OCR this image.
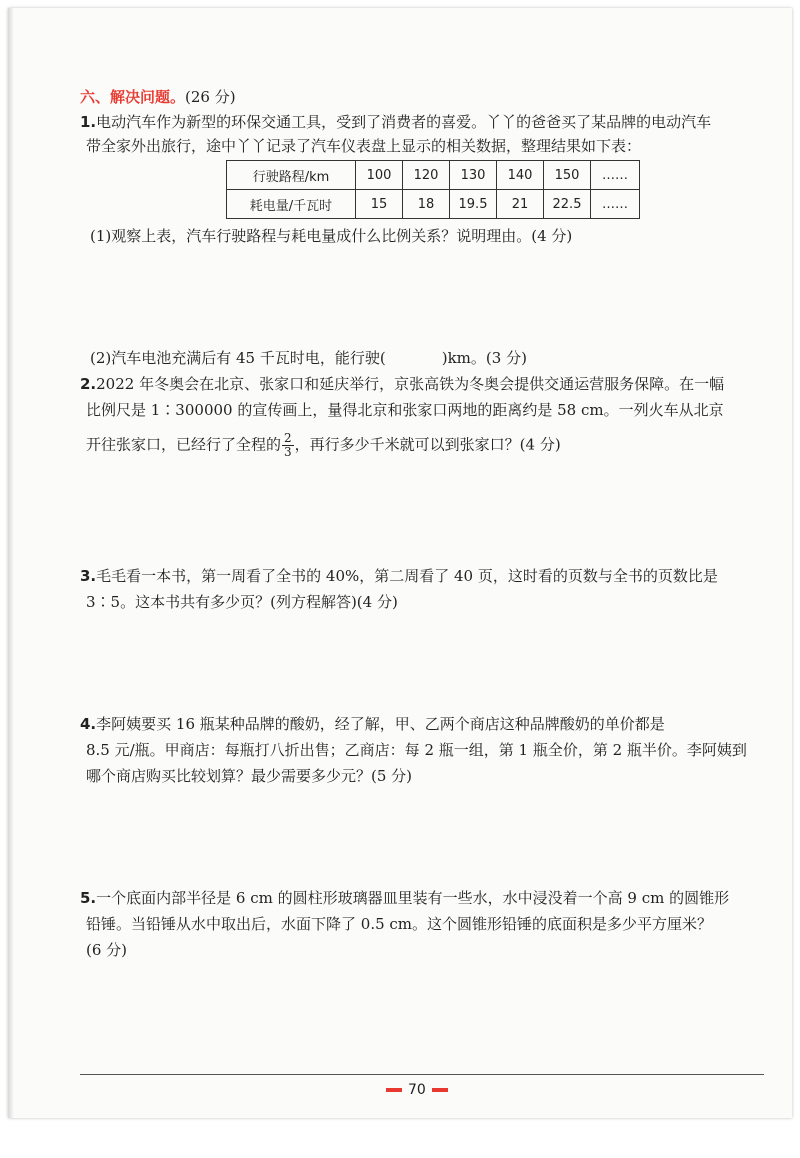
六、解决问题。(26 分)
1.电动汽车作为新型的环保交通工具，受到了消费者的喜爱。丫丫的爸爸买了某品牌的电动汽车
带全家外出旅行，途中丫丫记录了汽车仪表盘上显示的相关数据，整理结果如下表：
行驶路程/km	100	120	130	140	150	……
耗电量/千瓦时	15	18	19.5	21	22.5	……
(1)观察上表，汽车行驶路程与耗电量成什么比例关系？说明理由。(4 分)
(2)汽车电池充满后有 45 千瓦时电，能行驶(	)km。(3 分)
2.2022 年冬奥会在北京、张家口和延庆举行，京张高铁为冬奥会提供交通运营服务保障。在一幅
比例尺是 1∶300000 的宣传画上，量得北京和张家口两地的距离约是 58 cm。一列火车从北京
开往张家口，已经行了全程的 $\frac{2}{3}$ ，再行多少千米就可以到张家口？(4 分)
3.毛毛看一本书，第一周看了全书的 40%，第二周看了 40 页，这时看的页数与全书的页数比是
3∶5。这本书共有多少页？(列方程解答)(4 分)
4.李阿姨要买 16 瓶某种品牌的酸奶，经了解，甲、乙两个商店这种品牌酸奶的单价都是
8.5 元/瓶。甲商店：每瓶打八折出售；乙商店：每 2 瓶一组，第 1 瓶全价，第 2 瓶半价。李阿姨到
哪个商店购买比较划算？最少需要多少元？(5 分)
5.一个底面内部半径是 6 cm 的圆柱形玻璃器皿里装有一些水，水中浸没着一个高 9 cm 的圆锥形
铅锤。当铅锤从水中取出后，水面下降了 0.5 cm。这个圆锥形铅锤的底面积是多少平方厘米？
(6 分)
70
